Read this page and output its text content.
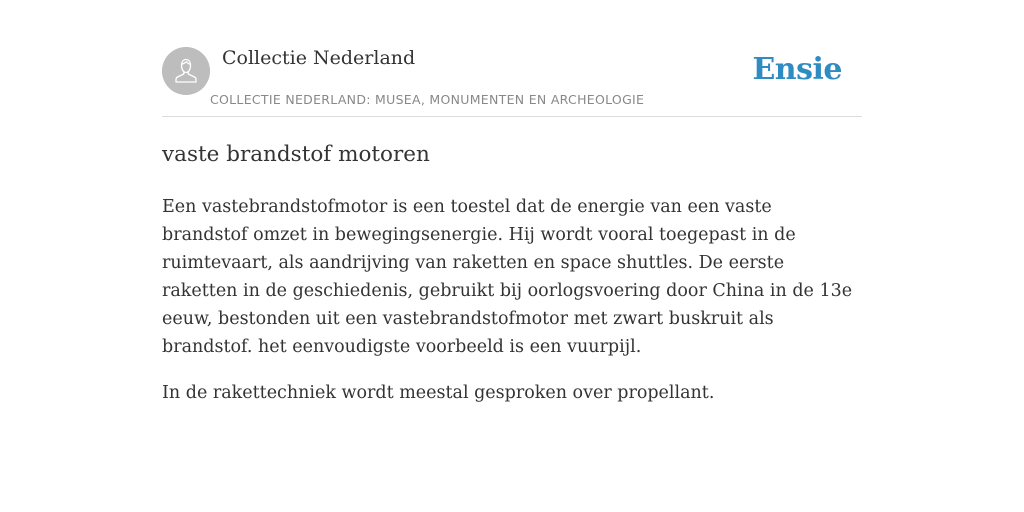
Collectie Nederland
COLLECTIE NEDERLAND: MUSEA, MONUMENTEN EN ARCHEOLOGIE
Ensie
vaste brandstof motoren

Een vastebrandstofmotor is een toestel dat de energie van een vaste brandstof omzet in bewegingsenergie. Hij wordt vooral toegepast in de ruimtevaart, als aandrijving van raketten en space shuttles. De eerste raketten in de geschiedenis, gebruikt bij oorlogsvoering door China in de 13e eeuw, bestonden uit een vastebrandstofmotor met zwart buskruit als brandstof. het eenvoudigste voorbeeld is een vuurpijl.

In de rakettechniek wordt meestal gesproken over propellant.
